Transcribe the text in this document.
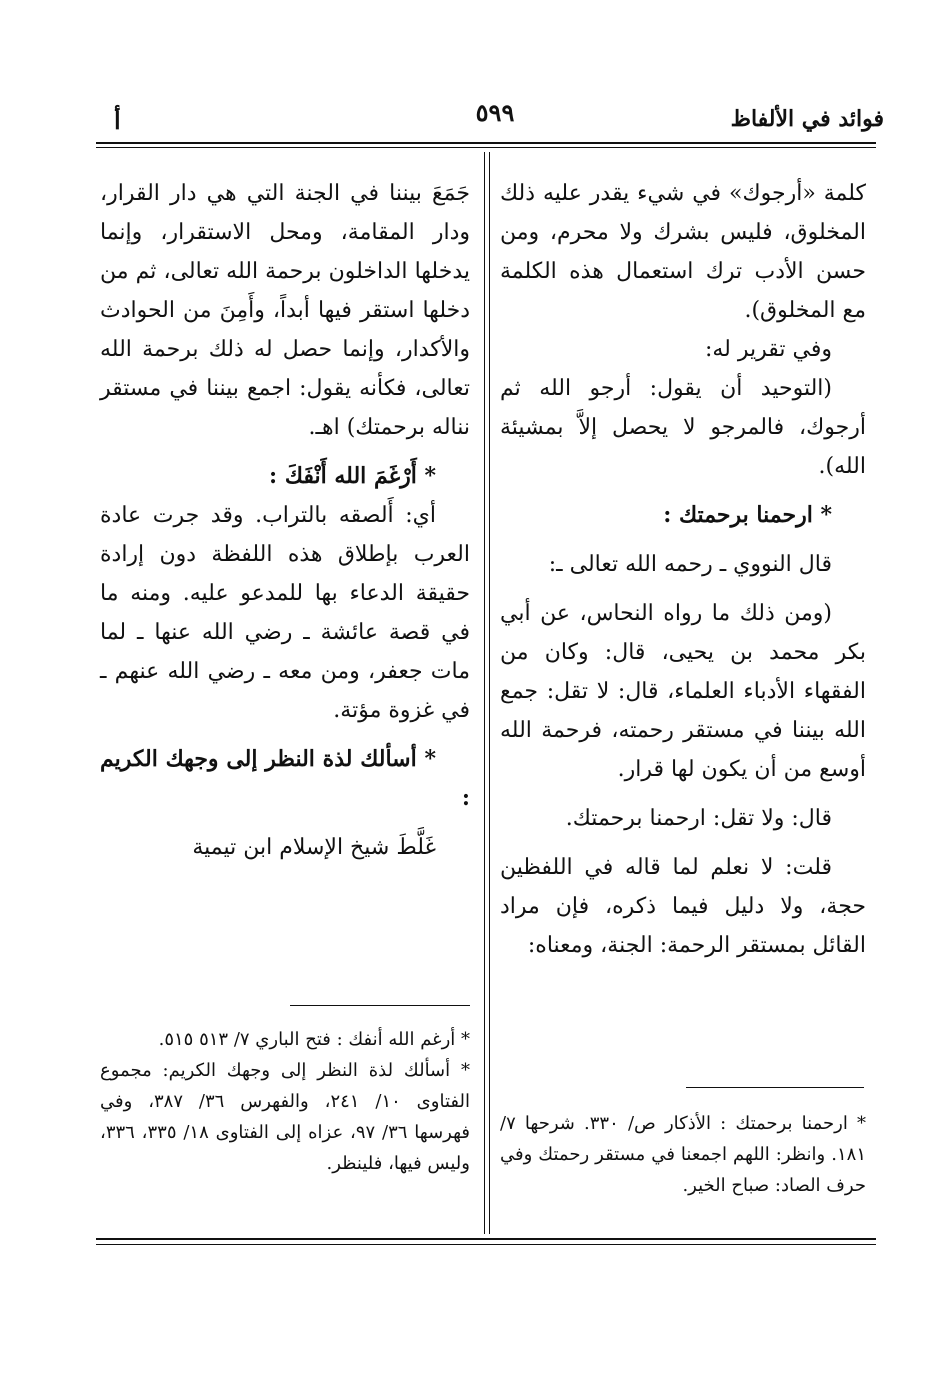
فوائد في الألفاظ
٥٩٩
أ

كلمة «أرجوك» في شيء يقدر عليه ذلك المخلوق، فليس بشرك ولا محرم، ومن حسن الأدب ترك استعمال هذه الكلمة مع المخلوق).

وفي تقرير له:

(التوحيد أن يقول: أرجو الله ثم أرجوك، فالمرجو لا يحصل إلاَّ بمشيئة الله).

* ارحمنا برحمتك :

قال النووي ـ رحمه الله تعالى ـ:

(ومن ذلك ما رواه النحاس، عن أبي بكر محمد بن يحيى، قال: وكان من الفقهاء الأدباء العلماء، قال: لا تقل: جمع الله بيننا في مستقر رحمته، فرحمة الله أوسع من أن يكون لها قرار.

قال: ولا تقل: ارحمنا برحمتك.

قلت: لا نعلم لما قاله في اللفظين حجة، ولا دليل فيما ذكره، فإن مراد القائل بمستقر الرحمة: الجنة، ومعناه:

جَمَعَ بيننا في الجنة التي هي دار القرار، ودار المقامة، ومحل الاستقرار، وإنما يدخلها الداخلون برحمة الله تعالى، ثم من دخلها استقر فيها أبداً، وأَمِنَ من الحوادث والأكدار، وإنما حصل له ذلك برحمة الله تعالى، فكأنه يقول: اجمع بيننا في مستقر نناله برحمتك) اهـ.

* أَرْغَمَ الله أَنْفَكَ :

أي: أَلصقه بالتراب. وقد جرت عادة العرب بإطلاق هذه اللفظة دون إرادة حقيقة الدعاء بها للمدعو عليه. ومنه ما في قصة عائشة ـ رضي الله عنها ـ لما مات جعفر، ومن معه ـ رضي الله عنهم ـ في غزوة مؤتة.

* أسألك لذة النظر إلى وجهك الكريم :

غَلَّطَ شيخ الإسلام ابن تيمية

* ارحمنا برحمتك : الأذكار ص/ ٣٣٠. شرحها ٧/ ١٨١. وانظر: اللهم اجمعنا في مستقر رحمتك وفي حرف الصاد: صباح الخير.

* أرغم الله أنفك : فتح الباري ٧/ ٥١٣ ٥١٥.

* أسألك لذة النظر إلى وجهك الكريم: مجموع الفتاوى ١٠/ ٢٤١، والفهرس ٣٦/ ٣٨٧، وفي فهرسها ٣٦/ ٩٧، عزاه إلى الفتاوى ١٨/ ٣٣٥، ٣٣٦، وليس فيها، فلينظر.
